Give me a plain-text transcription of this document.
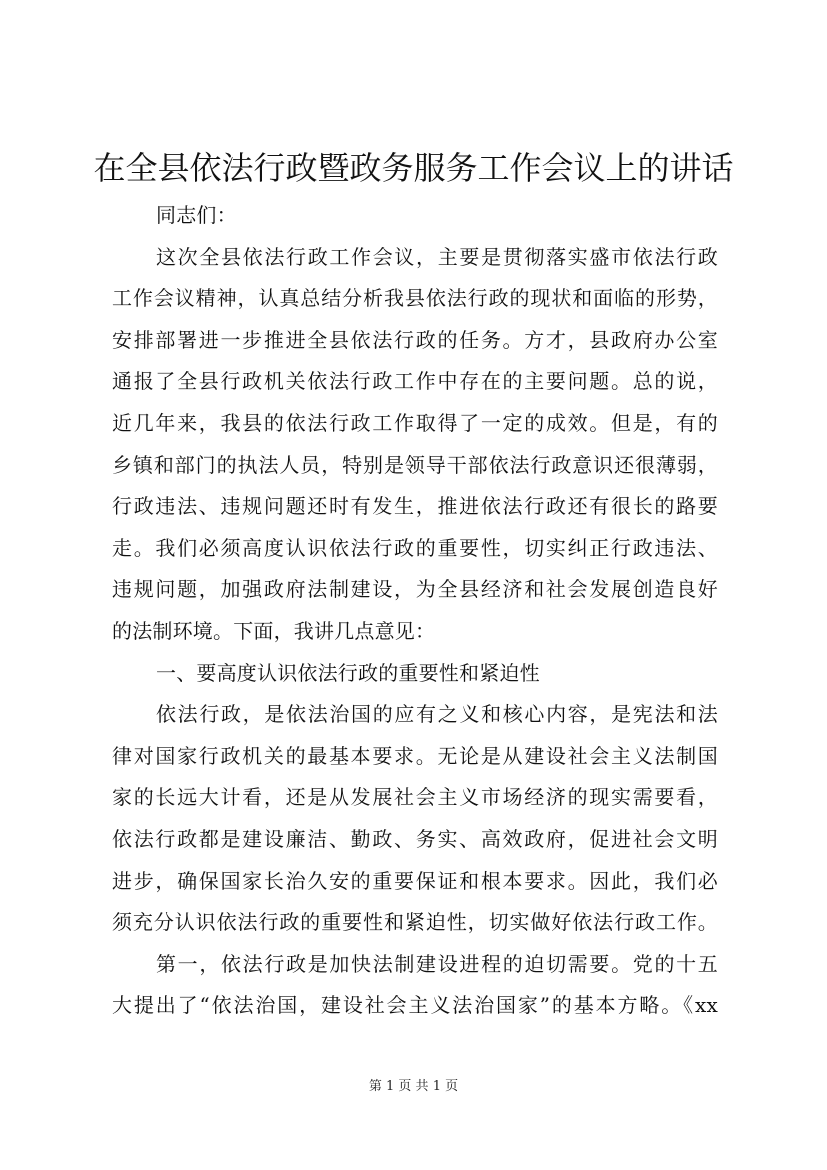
在全县依法行政暨政务服务工作会议上的讲话
同志们：
这次全县依法行政工作会议，主要是贯彻落实盛市依法行政
工作会议精神，认真总结分析我县依法行政的现状和面临的形势，
安排部署进一步推进全县依法行政的任务。方才，县政府办公室
通报了全县行政机关依法行政工作中存在的主要问题。总的说，
近几年来，我县的依法行政工作取得了一定的成效。但是，有的
乡镇和部门的执法人员，特别是领导干部依法行政意识还很薄弱，
行政违法、违规问题还时有发生，推进依法行政还有很长的路要
走。我们必须高度认识依法行政的重要性，切实纠正行政违法、
违规问题，加强政府法制建设，为全县经济和社会发展创造良好
的法制环境。下面，我讲几点意见：
一、要高度认识依法行政的重要性和紧迫性
依法行政，是依法治国的应有之义和核心内容，是宪法和法
律对国家行政机关的最基本要求。无论是从建设社会主义法制国
家的长远大计看，还是从发展社会主义市场经济的现实需要看，
依法行政都是建设廉洁、勤政、务实、高效政府，促进社会文明
进步，确保国家长治久安的重要保证和根本要求。因此，我们必
须充分认识依法行政的重要性和紧迫性，切实做好依法行政工作。
第一，依法行政是加快法制建设进程的迫切需要。党的十五
大提出了“依法治国，建设社会主义法治国家”的基本方略。《xx
第 1 页 共 1 页
